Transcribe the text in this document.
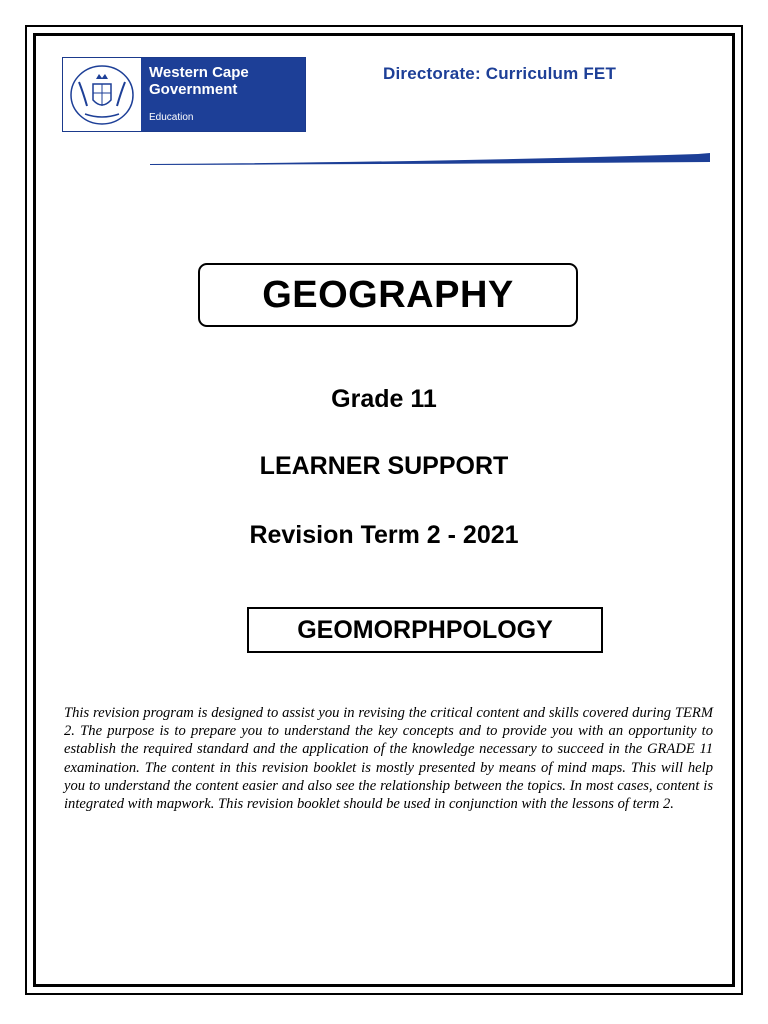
Western Cape Government
Education
Directorate: Curriculum FET
GEOGRAPHY
Grade 11
LEARNER SUPPORT
Revision Term 2 - 2021
GEOMORPHPOLOGY

This revision program is designed to assist you in revising the critical content and skills covered during TERM 2. The purpose is to prepare you to understand the key concepts and to provide you with an opportunity to establish the required standard and the application of the knowledge necessary to succeed in the GRADE 11 examination. The content in this revision booklet is mostly presented by means of mind maps. This will help you to understand the content easier and also see the relationship between the topics. In most cases, content is integrated with mapwork. This revision booklet should be used in conjunction with the lessons of term 2.
